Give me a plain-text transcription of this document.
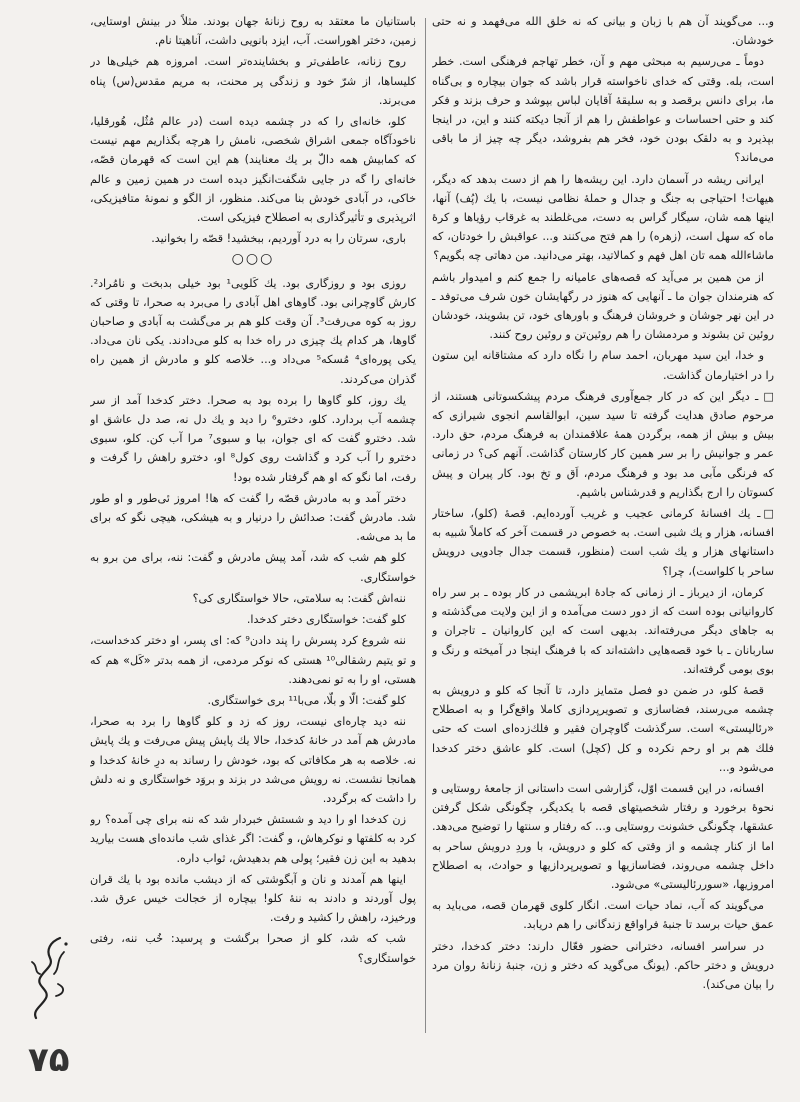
و... می‌گویند آن هم با زبان و بیانی که نه خلق الله می‌فهمد و نه حتی خودشان.

دوماً ـ می‌رسیم به مبحثی مهم و آن، خطر تهاجم فرهنگی است. خطر است، بله. وقتی که خدای ناخواسته قرار باشد که جوان بیچاره و بی‌گناه ما، برای دانس برقصد و به سلیقهٔ آقایان لباس بپوشد و حرف بزند و فکر کند و حتی احساسات و عواطفش را هم از آنجا دیکته کنند و این، در اینجا بپذیرد و به دلقک بودن خود، فخر هم بفروشد، دیگر چه چیز از ما باقی می‌ماند؟

ایرانی ریشه در آسمان دارد. این ریشه‌ها را هم از دست بدهد که دیگر، هیهات! احتیاجی به جنگ و جدال و حملهٔ نظامی نیست، با یك (پُف) آنها، اینها همه شان، سیگار گراس به دست، می‌غلطند به غرقاب رؤیاها و کرهٔ ماه که سهل است، (زهره) را هم فتح می‌کنند و... عواقبش را خودتان، که ماشاءالله همه تان اهل فهم و کمالاتید، بهتر می‌دانید. من دهاتی چه بگویم؟

از من همین بر می‌آید که قصه‌های عامیانه را جمع کنم و امیدوار باشم که هنرمندان جوان ما ـ آنهایی که هنوز در رگهایشان خون شرف می‌توفد ـ در این نهر جوشان و خروشان فرهنگ و باورهای خود، تن بشویند، خودشان روئین تن بشوند و مردمشان را هم روئین‌تن و روئین روح کنند.

و خدا، این سید مهربان، احمد سام را نگاه دارد که مشتاقانه این ستون را در اختیارمان گذاشت.

□ ـ دیگر این که در کار جمع‌آوری فرهنگ مردم پیشکسوتانی هستند، از مرحوم صادق هدایت گرفته تا سید سین، ابوالقاسم انجوی شیرازی که بیش و بیش از همه، برگردن همهٔ علاقمندان به فرهنگ مردم، حق دارد. عمر و جوانیش را بر سر همین کار کارستان گذاشت. آنهم کی؟ در زمانی که فرنگی مآبی مد بود و فرهنگ مردم، اَق و تخ بود. کار پیران و پیش کسوتان را ارج بگذاریم و قدرشناس باشیم.

□ـ یك افسانهٔ کرمانی عجیب و غریب آورده‌ایم. قصهٔ (کلو)، ساختار افسانه، هزار و یك شبی است. به خصوص در قسمت آخر که کاملاً شبیه به داستانهای هزار و یك شب است (منظور، قسمت جدال جادویی درویش ساحر با کلواست)، چرا؟

کرمان، از دیرباز ـ از زمانی که جادهٔ ابریشمی در کار بوده ـ بر سر راه کاروانیانی بوده است که از دور دست می‌آمده و از این ولایت می‌گذشته و به جاهای دیگر می‌رفته‌اند. بدیهی است که این کاروانیان ـ تاجران و ساربانان ـ با خود قصه‌هایی داشته‌اند که با فرهنگ اینجا در آمیخته و رنگ و بوی بومی گرفته‌اند.

قصهٔ کلو، در ضمن دو فصل متمایز دارد، تا آنجا که کلو و درویش به چشمه می‌رسند، فضاسازی و تصویرپردازی کاملا واقع‌گرا و به اصطلاح «رئالیستی» است. سرگذشت گاوچران فقیر و فلك‌زده‌ای است که حتی فلك هم بر او رحم نکرده و کل (کچل) است. کلو عاشق دختر کدخدا می‌شود و...

افسانه، در این قسمت اوّل، گزارشی است داستانی از جامعهٔ روستایی و نحوهٔ برخورد و رفتار شخصیتهای قصه با یکدیگر، چگونگی شکل گرفتن عشقها، چگونگی خشونت روستایی و... که رفتار و سنتها را توضیح می‌دهد. اما از کنار چشمه و از وقتی که کلو و درویش، با وردِ درویش ساحر به داخل چشمه می‌روند، فضاسازیها و تصویرپردازیها و حوادث، به اصطلاح امروزیها، «سوررئالیستی» می‌شود.

می‌گویند که آب، نماد حیات است. انگار کلوی قهرمان قصه، می‌باید به عمق حیات برسد تا جنبهٔ فراواقع زندگانی را هم دریابد.

در سراسر افسانه، دخترانی حضور فعّال دارند: دختر کدخدا، دختر درویش و دختر حاکم. (یونگ می‌گوید که دختر و زن، جنبهٔ زنانهٔ روان مرد را بیان می‌کند).

باستانیان ما معتقد به روح زنانهٔ جهان بودند. مثلاً در بینش اوستایی، زمین، دختر اهوراست. آب، ایزد بانویی داشت، آناهیتا نام.

روح زنانه، عاطفی‌تر و بخشاینده‌تر است. امروزه هم خیلی‌ها در کلیساها، از شرّ خود و زندگی پر محنت، به مریم مقدس(س) پناه می‌برند.

کلو، خانه‌ای را که در چشمه دیده است (در عالم مُثُل، هُورقلیا، ناخودآگاه جمعی اشراق شخصی، نامش را هرچه بگذاریم مهم نیست که کمابیش همه دالّ بر یك معنایند) هم این است که قهرمان قصّه، خانه‌ای را گه در جایی شگفت‌انگیز دیده است در همین زمین و عالم خاکی، در آبادی خودش بنا می‌کند. منظور، از الگو و نمونهٔ متافیزیکی، اثرپذیری و تأثیرگذاری به اصطلاح فیزیکی است.

باری، سرتان را به درد آوردیم، ببخشید! قصّه را بخوانید.

○○○

روزی بود و روزگاری بود. یك کَلویی¹ بود خیلی بدبخت و نامُراد². کارش گاوچرانی بود. گاوهای اهل آبادی را می‌برد به صحرا، تا وقتی که روز به کوه می‌رفت³. آن وقت کلو هم بر می‌گشت به آبادی و صاحبان گاوها، هر کدام یك چیزی در راه خدا به کلو می‌دادند. یکی نان می‌داد. یکی پوره‌ای⁴ مُسکه⁵ می‌داد و... خلاصه کلو و مادرش از همین راه گذران می‌کردند.

یك روز، کلو گاوها را برده بود به صحرا. دختر کدخدا آمد از سر چشمه آب بردارد. کلو، دخترو⁶ را دید و یك دل نه، صد دل عاشق او شد. دخترو گفت که ای جوان، بیا و سبوی⁷ مرا آب کن. کلو، سبوی دخترو را آب کرد و گذاشت روی کول⁸ او، دخترو راهش را گرفت و رفت، اما نگو که او هم گرفتار شده بود!

دختر آمد و به مادرش قصّه را گفت که ها! امروز ئی‌طور و او طور شد. مادرش گفت: صدائش را درنیار و به هیشکی، هیچی نگو که برای ما بد می‌شه.

کلو هم شب که شد، آمد پیش مادرش و گفت: ننه، برای من برو به خواستگاری.

ننه‌اش گفت: به سلامتی، حالا خواستگاری کی؟

کلو گفت: خواستگاری دختر کدخدا.

ننه شروع کرد پسرش را پند دادن⁹ که: ای پسر، او دختر کدخداست، و تو یتیم رشقالی¹⁰ هستی که نوکر مردمی، از همه بدتر «کَل» هم که هستی، او را به تو نمی‌دهند.

کلو گفت: الّا و بلّا، می‌با¹¹ بری خواستگاری.

ننه دید چاره‌ای نیست، روز که زد و کلو گاوها را برد به صحرا، مادرش هم آمد در خانهٔ کدخدا، حالا یك پایش پیش می‌رفت و یك پایش نه. خلاصه به هر مکافاتی که بود، خودش را رساند به درِ خانهٔ کدخدا و همانجا نشست. نه رویش می‌شد در بزند و بروَد خواستگاری و نه دلش را داشت که برگردد.

زن کدخدا او را دید و شستش خبردار شد که ننه برای چی آمده؟ رو کرد به کلفتها و نوکرهاش، و گفت: اگر غذای شب مانده‌ای هست بیارید بدهید به این زن فقیر؛ پولی هم بدهیدش، ثواب داره.

اینها هم آمدند و نان و آبگوشتی که از دیشب مانده بود با یك قران پول آوردند و دادند به ننهٔ کلو! بیچاره از خجالت خیس عرق شد. ورخیزد، راهش را کشید و رفت.

شب که شد، کلو از صحرا برگشت و پرسید: خُب ننه، رفتی خواستگاری؟

۷۵
